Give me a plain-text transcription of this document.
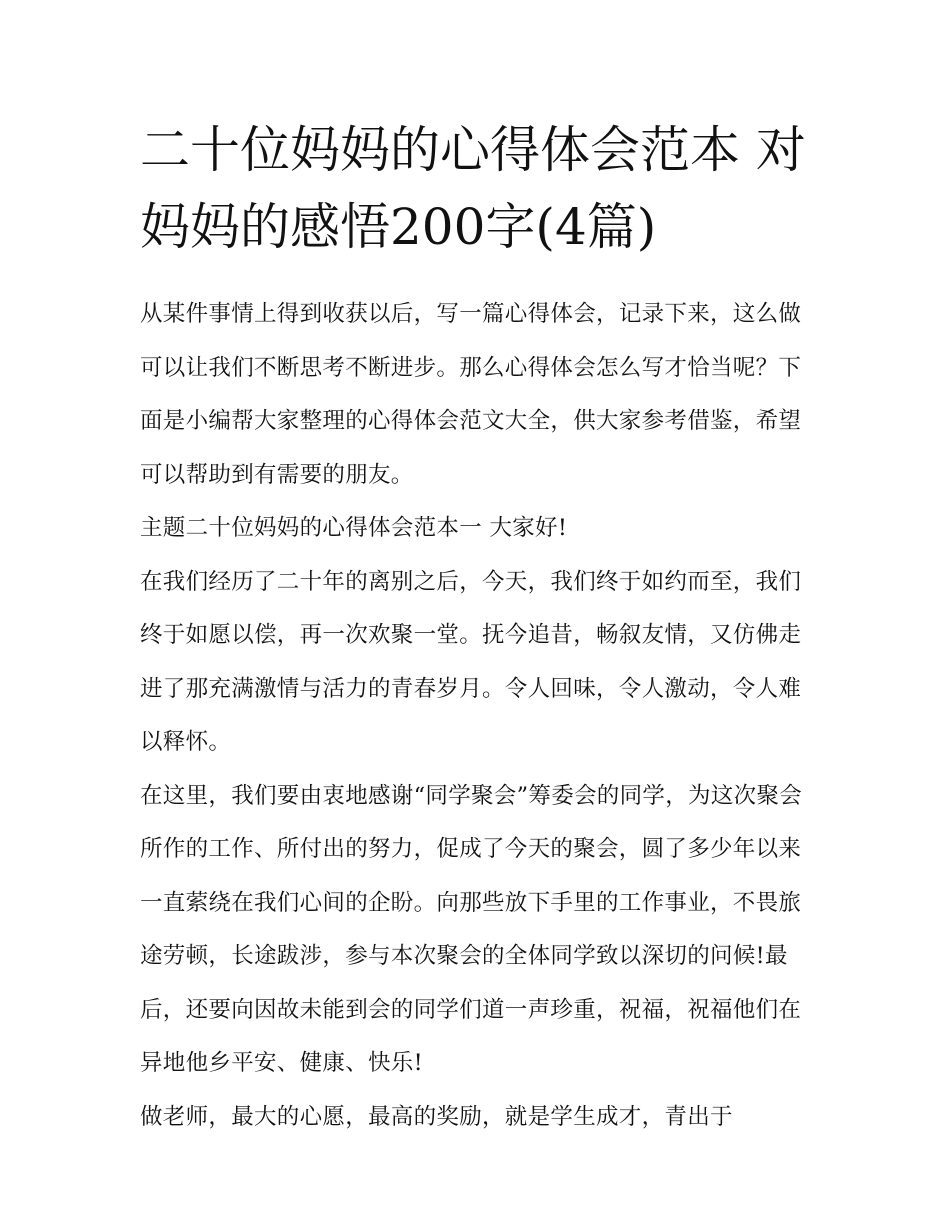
二十位妈妈的心得体会范本 对妈妈的感悟200字(4篇)

从某件事情上得到收获以后，写一篇心得体会，记录下来，这么做可以让我们不断思考不断进步。那么心得体会怎么写才恰当呢？下面是小编帮大家整理的心得体会范文大全，供大家参考借鉴，希望可以帮助到有需要的朋友。

主题二十位妈妈的心得体会范本一 大家好!

在我们经历了二十年的离别之后，今天，我们终于如约而至，我们终于如愿以偿，再一次欢聚一堂。抚今追昔，畅叙友情，又仿佛走进了那充满激情与活力的青春岁月。令人回味，令人激动，令人难以释怀。

在这里，我们要由衷地感谢“同学聚会”筹委会的同学，为这次聚会所作的工作、所付出的努力，促成了今天的聚会，圆了多少年以来一直萦绕在我们心间的企盼。向那些放下手里的工作事业，不畏旅途劳顿，长途跋涉，参与本次聚会的全体同学致以深切的问候!最后，还要向因故未能到会的同学们道一声珍重，祝福，祝福他们在异地他乡平安、健康、快乐!

做老师，最大的心愿，最高的奖励，就是学生成才，青出于
